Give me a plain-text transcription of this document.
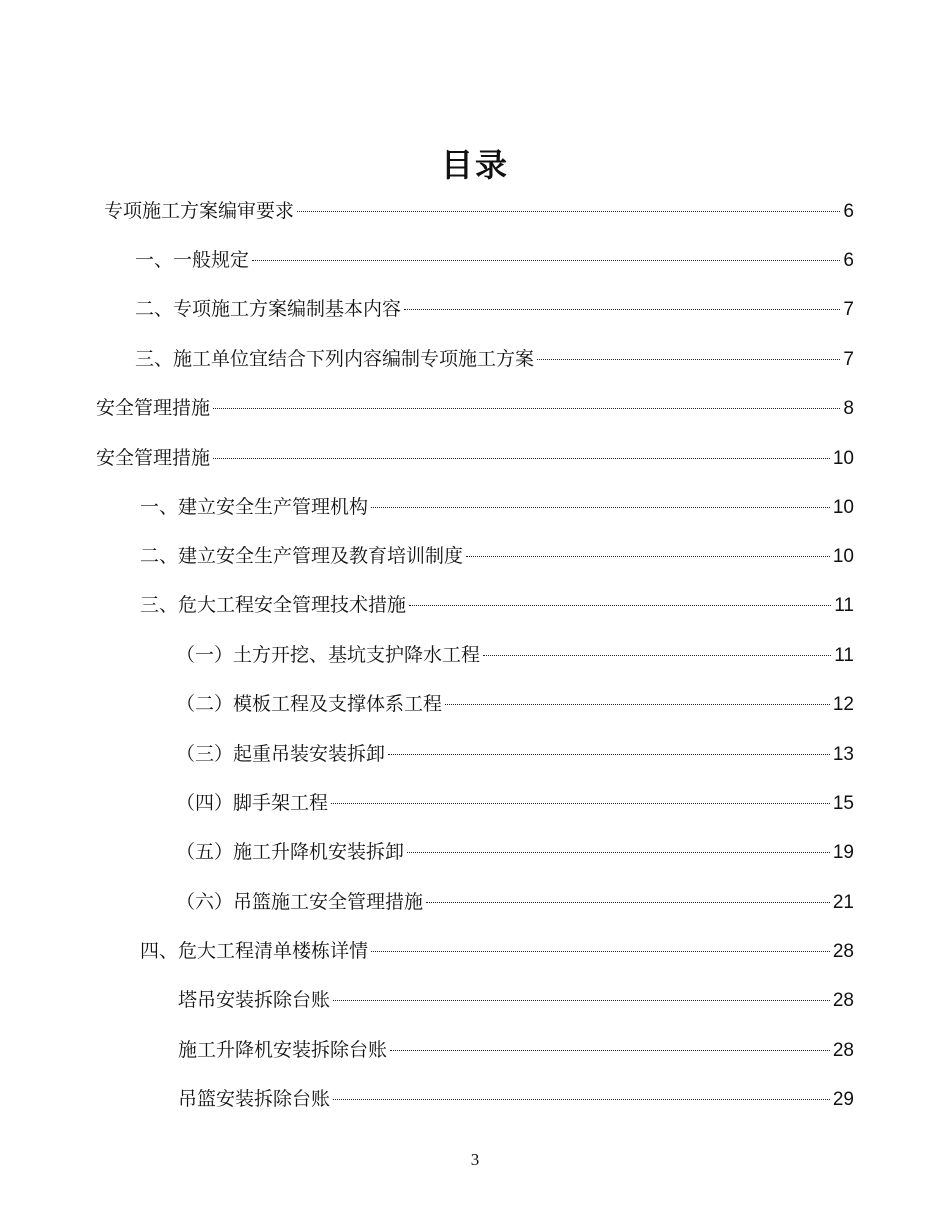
目录
专项施工方案编审要求	6
一、一般规定	6
二、专项施工方案编制基本内容	7
三、施工单位宜结合下列内容编制专项施工方案	7
安全管理措施	8
安全管理措施	10
一、建立安全生产管理机构	10
二、建立安全生产管理及教育培训制度	10
三、危大工程安全管理技术措施	11
（一）土方开挖、基坑支护降水工程	11
（二）模板工程及支撑体系工程	12
（三）起重吊装安装拆卸	13
（四）脚手架工程	15
（五）施工升降机安装拆卸	19
（六）吊篮施工安全管理措施	21
四、危大工程清单楼栋详情	28
塔吊安装拆除台账	28
施工升降机安装拆除台账	28
吊篮安装拆除台账	29
3
